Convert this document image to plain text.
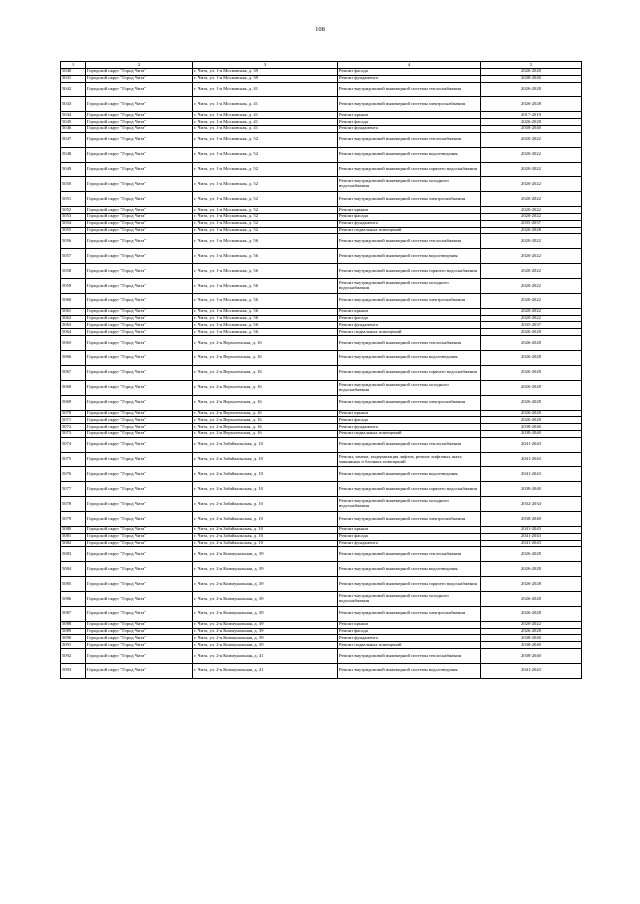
108
1	2	3	4	5
5040	Городской округ "Город Чита"	г. Чита, ул. 1-я Московская, д. 39	Ремонт фасада	2026-2028
5041	Городской округ "Город Чита"	г. Чита, ул. 1-я Московская, д. 39	Ремонт фундамента	2038-2040
5042	Городской округ "Город Чита"	г. Чита, ул. 1-я Московская, д. 41	Ремонт внутридомовой инженерной системы теплоснабжения	2026-2028
5043	Городской округ "Город Чита"	г. Чита, ул. 1-я Московская, д. 41	Ремонт внутридомовой инженерной системы электроснабжения	2026-2028
5044	Городской округ "Город Чита"	г. Чита, ул. 1-я Московская, д. 41	Ремонт крыши	2017-2019
5045	Городской округ "Город Чита"	г. Чита, ул. 1-я Московская, д. 41	Ремонт фасада	2026-2028
5046	Городской округ "Город Чита"	г. Чита, ул. 1-я Московская, д. 41	Ремонт фундамента	2038-2040
5047	Городской округ "Город Чита"	г. Чита, ул. 1-я Московская, д. 52	Ремонт внутридомовой инженерной системы теплоснабжения	2020-2022
5048	Городской округ "Город Чита"	г. Чита, ул. 1-я Московская, д. 52	Ремонт внутридомовой инженерной системы водоотведения	2020-2022
5049	Городской округ "Город Чита"	г. Чита, ул. 1-я Московская, д. 52	Ремонт внутридомовой инженерной системы горячего водоснабжения	2020-2022
5050	Городской округ "Город Чита"	г. Чита, ул. 1-я Московская, д. 52	Ремонт внутридомовой инженерной системы холодного водоснабжения	2020-2022
5051	Городской округ "Город Чита"	г. Чита, ул. 1-я Московская, д. 52	Ремонт внутридомовой инженерной системы электроснабжения	2020-2022
5052	Городской округ "Город Чита"	г. Чита, ул. 1-я Московская, д. 52	Ремонт крыши	2020-2022
5053	Городской округ "Город Чита"	г. Чита, ул. 1-я Московская, д. 52	Ремонт фасада	2020-2022
5054	Городской округ "Город Чита"	г. Чита, ул. 1-я Московская, д. 52	Ремонт фундамента	2035-2037
5055	Городской округ "Город Чита"	г. Чита, ул. 1-я Московская, д. 52	Ремонт подвальных помещений	2026-2028
5056	Городской округ "Город Чита"	г. Чита, ул. 1-я Московская, д. 56	Ремонт внутридомовой инженерной системы теплоснабжения	2020-2022
5057	Городской округ "Город Чита"	г. Чита, ул. 1-я Московская, д. 56	Ремонт внутридомовой инженерной системы водоотведения	2020-2022
5058	Городской округ "Город Чита"	г. Чита, ул. 1-я Московская, д. 56	Ремонт внутридомовой инженерной системы горячего водоснабжения	2020-2022
5059	Городской округ "Город Чита"	г. Чита, ул. 1-я Московская, д. 56	Ремонт внутридомовой инженерной системы холодного водоснабжения	2020-2022
5060	Городской округ "Город Чита"	г. Чита, ул. 1-я Московская, д. 56	Ремонт внутридомовой инженерной системы электроснабжения	2020-2022
5061	Городской округ "Город Чита"	г. Чита, ул. 1-я Московская, д. 56	Ремонт крыши	2020-2022
5062	Городской округ "Город Чита"	г. Чита, ул. 1-я Московская, д. 56	Ремонт фасада	2020-2022
5063	Городской округ "Город Чита"	г. Чита, ул. 1-я Московская, д. 56	Ремонт фундамента	2035-2037
5064	Городской округ "Город Чита"	г. Чита, ул. 1-я Московская, д. 56	Ремонт подвальных помещений	2026-2028
5065	Городской округ "Город Чита"	г. Чита, ул. 2-я Верхоленская, д. 16	Ремонт внутридомовой инженерной системы теплоснабжения	2026-2028
5066	Городской округ "Город Чита"	г. Чита, ул. 2-я Верхоленская, д. 16	Ремонт внутридомовой инженерной системы водоотведения	2026-2028
5067	Городской округ "Город Чита"	г. Чита, ул. 2-я Верхоленская, д. 16	Ремонт внутридомовой инженерной системы горячего водоснабжения	2026-2028
5068	Городской округ "Город Чита"	г. Чита, ул. 2-я Верхоленская, д. 16	Ремонт внутридомовой инженерной системы холодного водоснабжения	2026-2028
5069	Городской округ "Город Чита"	г. Чита, ул. 2-я Верхоленская, д. 16	Ремонт внутридомовой инженерной системы электроснабжения	2026-2028
5070	Городской округ "Город Чита"	г. Чита, ул. 2-я Верхоленская, д. 16	Ремонт крыши	2026-2028
5071	Городской округ "Город Чита"	г. Чита, ул. 2-я Верхоленская, д. 16	Ремонт фасада	2026-2028
5072	Городской округ "Город Чита"	г. Чита, ул. 2-я Верхоленская, д. 16	Ремонт фундамента	2038-2040
5073	Городской округ "Город Чита"	г. Чита, ул. 2-я Верхоленская, д. 16	Ремонт подвальных помещений	2038-2040
5074	Городской округ "Город Чита"	г. Чита, ул. 2-я Забайкальская, д. 10	Ремонт внутридомовой инженерной системы теплоснабжения	2041-2043
5075	Городской округ "Город Чита"	г. Чита, ул. 2-я Забайкальская, д. 10	Ремонт, замена, модернизация лифтов, ремонт лифтовых шахт, машинных и блочных помещений	2041-2043
5076	Городской округ "Город Чита"	г. Чита, ул. 2-я Забайкальская, д. 10	Ремонт внутридомовой инженерной системы водоотведения	2041-2043
5077	Городской округ "Город Чита"	г. Чита, ул. 2-я Забайкальская, д. 10	Ремонт внутридомовой инженерной системы горячего водоснабжения	2038-2040
5078	Городской округ "Город Чита"	г. Чита, ул. 2-я Забайкальская, д. 10	Ремонт внутридомовой инженерной системы холодного водоснабжения	2032-2034
5079	Городской округ "Город Чита"	г. Чита, ул. 2-я Забайкальская, д. 10	Ремонт внутридомовой инженерной системы электроснабжения	2038-2040
5080	Городской округ "Город Чита"	г. Чита, ул. 2-я Забайкальская, д. 10	Ремонт крыши	2041-2043
5081	Городской округ "Город Чита"	г. Чита, ул. 2-я Забайкальская, д. 10	Ремонт фасада	2041-2043
5082	Городской округ "Город Чита"	г. Чита, ул. 2-я Забайкальская, д. 10	Ремонт фундамента	2041-2043
5083	Городской округ "Город Чита"	г. Чита, ул. 2-я Коммунальная, д. 39	Ремонт внутридомовой инженерной системы теплоснабжения	2026-2028
5084	Городской округ "Город Чита"	г. Чита, ул. 2-я Коммунальная, д. 39	Ремонт внутридомовой инженерной системы водоотведения	2026-2028
5085	Городской округ "Город Чита"	г. Чита, ул. 2-я Коммунальная, д. 39	Ремонт внутридомовой инженерной системы горячего водоснабжения	2026-2028
5086	Городской округ "Город Чита"	г. Чита, ул. 2-я Коммунальная, д. 39	Ремонт внутридомовой инженерной системы холодного водоснабжения	2026-2028
5087	Городской округ "Город Чита"	г. Чита, ул. 2-я Коммунальная, д. 39	Ремонт внутридомовой инженерной системы электроснабжения	2026-2028
5088	Городской округ "Город Чита"	г. Чита, ул. 2-я Коммунальная, д. 39	Ремонт крыши	2020-2022
5089	Городской округ "Город Чита"	г. Чита, ул. 2-я Коммунальная, д. 39	Ремонт фасада	2026-2028
5090	Городской округ "Город Чита"	г. Чита, ул. 2-я Коммунальная, д. 39	Ремонт фундамента	2038-2040
5091	Городской округ "Город Чита"	г. Чита, ул. 2-я Коммунальная, д. 39	Ремонт подвальных помещений	2038-2040
5092	Городской округ "Город Чита"	г. Чита, ул. 2-я Коммунальная, д. 41	Ремонт внутридомовой инженерной системы теплоснабжения	2038-2040
5093	Городской округ "Город Чита"	г. Чита, ул. 2-я Коммунальная, д. 41	Ремонт внутридомовой инженерной системы водоотведения	2041-2043
